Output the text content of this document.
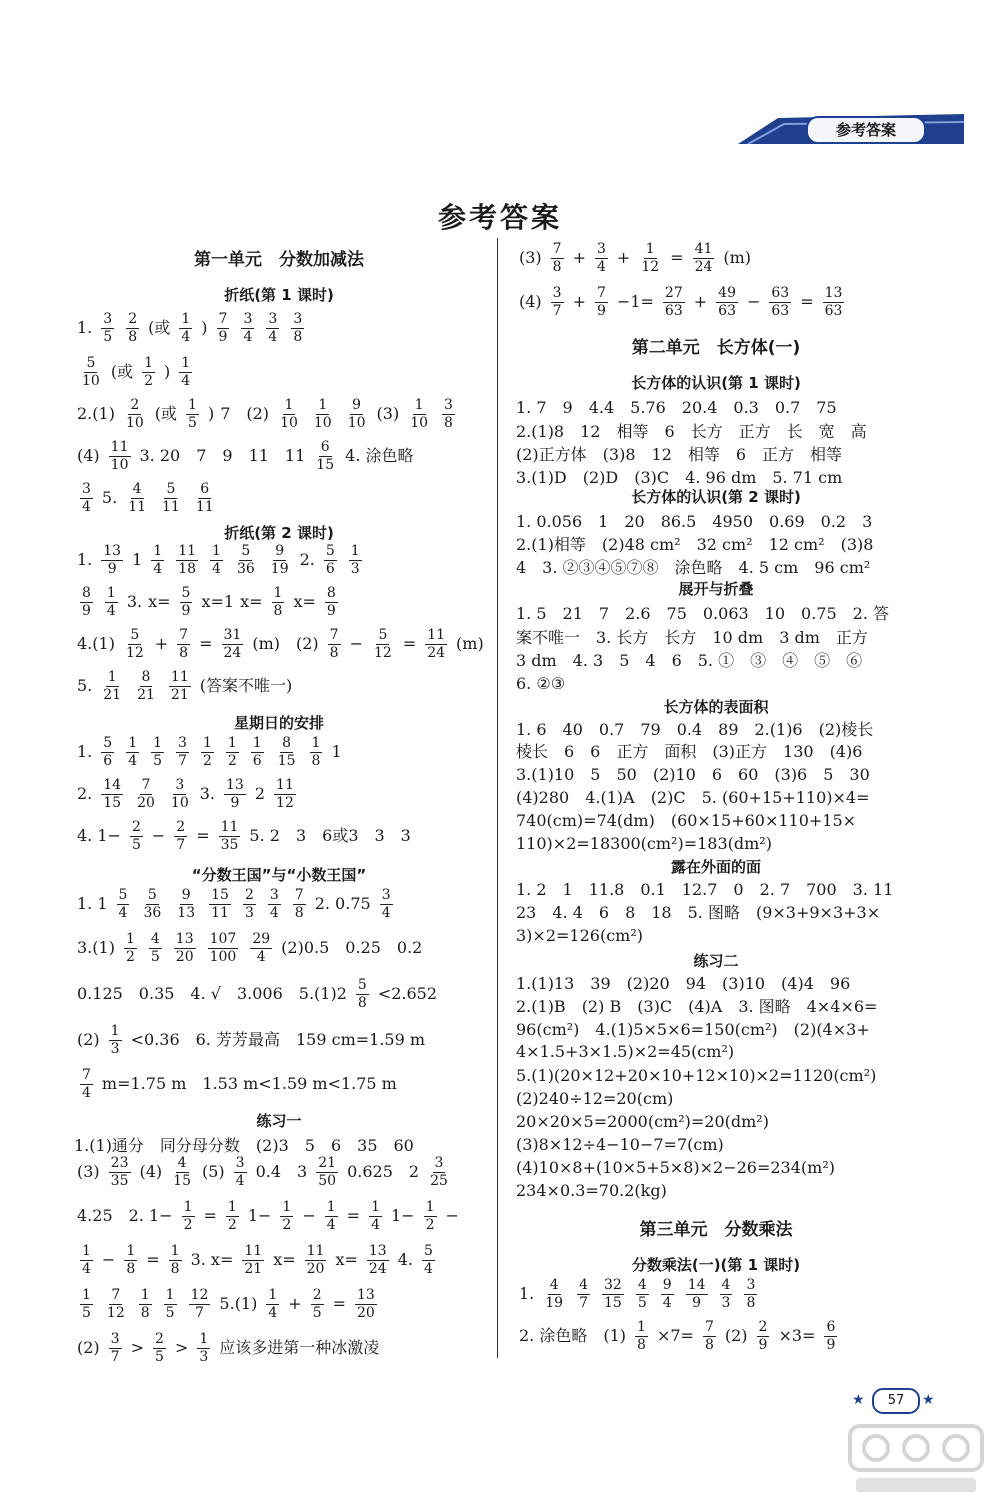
参考答案
参考答案
第一单元　分数加减法
折纸(第 1 课时)
1. $\frac{3}{5} \frac{2}{8}$ (或 $\frac{1}{4}$ ) $\frac{7}{9} \frac{3}{4} \frac{3}{4} \frac{3}{8}$
$\frac{5}{10}$ (或 $\frac{1}{2}$ ) $\frac{1}{4}$
$2.(1) \frac{2}{10}$ (或 $\frac{1}{5}$ ) 7　$(2) \frac{1}{10} \frac{1}{10} \frac{9}{10} (3) \frac{1}{10} \frac{3}{8}$
$(4) \frac{11}{10} 3$. 20　7　9　11　$11 \frac{6}{15} 4$. 涂色略
$\frac{3}{4} 5$. $\frac{4}{11} \frac{5}{11} \frac{6}{11}$
折纸(第 2 课时)
1. $\frac{13}{9} 1 \frac{1}{4} \frac{11}{18} \frac{1}{4} \frac{5}{36} \frac{9}{19} 2$. $\frac{5}{6} \frac{1}{3}$
$\frac{8}{9} \frac{1}{4} 3$. $x= \frac{5}{9} x=1$ $x= \frac{1}{8} x= \frac{8}{9}$
$4.(1) \frac{5}{12} + \frac{7}{8} = \frac{31}{24} (m)$　$(2) \frac{7}{8} - \frac{5}{12} = \frac{11}{24} (m)$
5. $\frac{1}{21} \frac{8}{21} \frac{11}{21}$ (答案不唯一)
星期日的安排
1. $\frac{5}{6} \frac{1}{4} \frac{1}{5} \frac{3}{7} \frac{1}{2} \frac{1}{2} \frac{1}{6} \frac{8}{15} \frac{1}{8} 1$
2. $\frac{14}{15} \frac{7}{20} \frac{3}{10} 3$. $\frac{13}{9} 2 \frac{11}{12}$
4. $1- \frac{2}{5} - \frac{2}{7} = \frac{11}{35} 5$. 2　3　6或3　3　3
“分数王国”与“小数王国”
1. $1 \frac{5}{4} \frac{5}{36} \frac{9}{13} \frac{15}{11} \frac{2}{3} \frac{3}{4} \frac{7}{8} 2$. $0.75 \frac{3}{4}$
$3.(1) \frac{1}{2} \frac{4}{5} \frac{13}{20} \frac{107}{100} \frac{29}{4} (2)0.5$　0.25　0.2
0.125　0.35　4. √　3.006　$5.(1)2 \frac{5}{8} <2.652$
$(2) \frac{1}{3} <0.36$　6. 芳芳最高　159 cm=1.59 m
$\frac{7}{4} m=1.75$ m　1.53 m<1.59 m<1.75 m
练习一
1.(1)通分　同分母分数　(2)3　5　6　35　60
$(3) \frac{23}{35} (4) \frac{4}{15} (5) \frac{3}{4} 0.4$　$3 \frac{21}{50} 0.625$　$2 \frac{3}{25}$
4.25　2. $1- \frac{1}{2} = \frac{1}{2} 1- \frac{1}{2} - \frac{1}{4} = \frac{1}{4} 1- \frac{1}{2}$ −
$\frac{1}{4} - \frac{1}{8} = \frac{1}{8} 3$. $x= \frac{11}{21} x= \frac{11}{20} x= \frac{13}{24} 4$. $\frac{5}{4}$
$\frac{1}{5} \frac{7}{12} \frac{1}{8} \frac{1}{5} \frac{12}{7} 5.(1) \frac{1}{4} + \frac{2}{5} = \frac{13}{20}$
$(2) \frac{3}{7} > \frac{2}{5} > \frac{1}{3}$ 应该多进第一种冰激凌
$(3) \frac{7}{8} + \frac{3}{4} + \frac{1}{12} = \frac{41}{24} (m)$
$(4) \frac{3}{7} + \frac{7}{9} -1= \frac{27}{63} + \frac{49}{63} - \frac{63}{63} = \frac{13}{63}$
第二单元　长方体(一)
长方体的认识(第 1 课时)
1. 7　9　4.4　5.76　20.4　0.3　0.7　75
2.(1)8　12　相等　6　长方　正方　长　宽　高
(2)正方体　(3)8　12　相等　6　正方　相等
3.(1)D　(2)D　(3)C　4. 96 dm　5. 71 cm
长方体的认识(第 2 课时)
1. 0.056　1　20　86.5　4950　0.69　0.2　3
2.(1)相等　(2)48 cm²　32 cm²　12 cm²　(3)8
4　3. ②③④⑤⑦⑧　涂色略　4. 5 cm　96 cm²
展开与折叠
1. 5　21　7　2.6　75　0.063　10　0.75　2. 答
案不唯一　3. 长方　长方　10 dm　3 dm　正方
3 dm　4. 3　5　4　6　5. ①　③　④　⑤　⑥
6. ②③
长方体的表面积
1. 6　40　0.7　79　0.4　89　2.(1)6　(2)棱长
棱长　6　6　正方　面积　(3)正方　130　(4)6
3.(1)10　5　50　(2)10　6　60　(3)6　5　30
(4)280　4.(1)A　(2)C　5. (60+15+110)×4=
740(cm)=74(dm)　(60×15+60×110+15×
110)×2=18300(cm²)=183(dm²)
露在外面的面
1. 2　1　11.8　0.1　12.7　0　2. 7　700　3. 11
23　4. 4　6　8　18　5. 图略　(9×3+9×3+3×
3)×2=126(cm²)
练习二
1.(1)13　39　(2)20　94　(3)10　(4)4　96
2.(1)B　(2) B　(3)C　(4)A　3. 图略　4×4×6=
96(cm²)　4.(1)5×5×6=150(cm²)　(2)(4×3+
4×1.5+3×1.5)×2=45(cm²)
5.(1)(20×12+20×10+12×10)×2=1120(cm²)
(2)240÷12=20(cm)
20×20×5=2000(cm²)=20(dm²)
(3)8×12÷4−10−7=7(cm)
(4)10×8+(10×5+5×8)×2−26=234(m²)
234×0.3=70.2(kg)
第三单元　分数乘法
分数乘法(一)(第 1 课时)
1. $\frac{4}{19} \frac{4}{7} \frac{32}{15} \frac{4}{5} \frac{9}{4} \frac{14}{9} \frac{4}{3} \frac{3}{8}$
2. 涂色略　$(1) \frac{1}{8} \times 7= \frac{7}{8} (2) \frac{2}{9} \times 3= \frac{6}{9}$
★	57	★
